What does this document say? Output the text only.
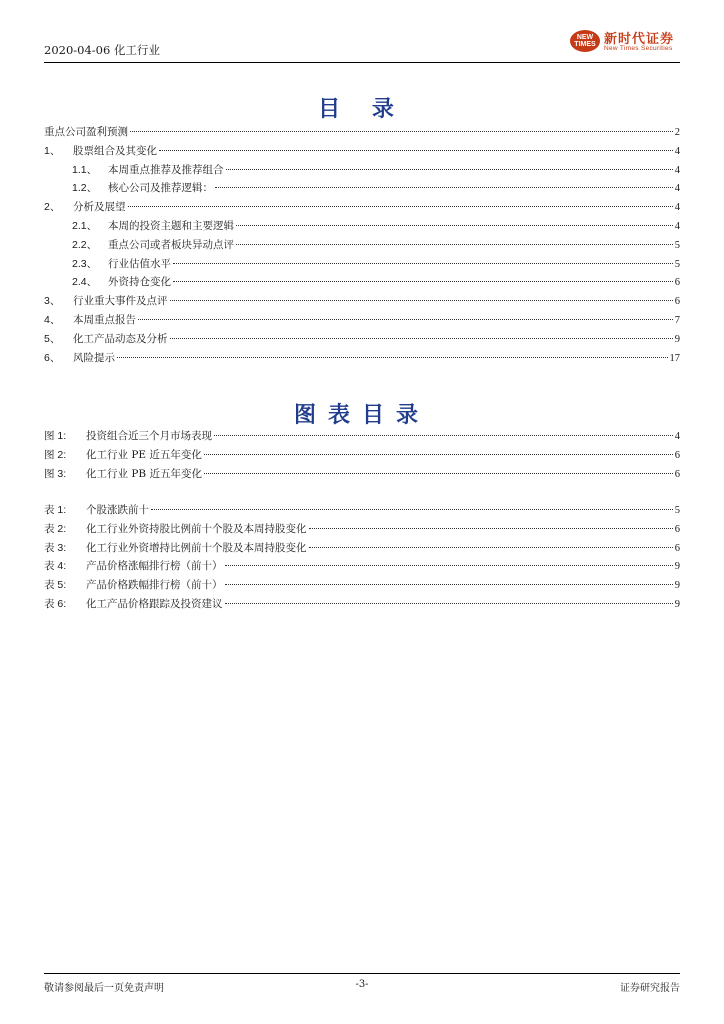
2020-04-06 化工行业
NEW TIMES 新时代证券
New Times Securities
目 录
重点公司盈利预测	2
1、	股票组合及其变化	4
1.1、	本周重点推荐及推荐组合	4
1.2、	核心公司及推荐逻辑：	4
2、	分析及展望	4
2.1、	本周的投资主题和主要逻辑	4
2.2、	重点公司或者板块异动点评	5
2.3、	行业估值水平	5
2.4、	外资持仓变化	6
3、	行业重大事件及点评	6
4、	本周重点报告	7
5、	化工产品动态及分析	9
6、	风险提示	17
图表目录
图 1:	投资组合近三个月市场表现	4
图 2:	化工行业 PE 近五年变化	6
图 3:	化工行业 PB 近五年变化	6
表 1:	个股涨跌前十	5
表 2:	化工行业外资持股比例前十个股及本周持股变化	6
表 3:	化工行业外资增持比例前十个股及本周持股变化	6
表 4:	产品价格涨幅排行榜（前十）	9
表 5:	产品价格跌幅排行榜（前十）	9
表 6:	化工产品价格跟踪及投资建议	9
敬请参阅最后一页免责声明	-3-	证券研究报告
